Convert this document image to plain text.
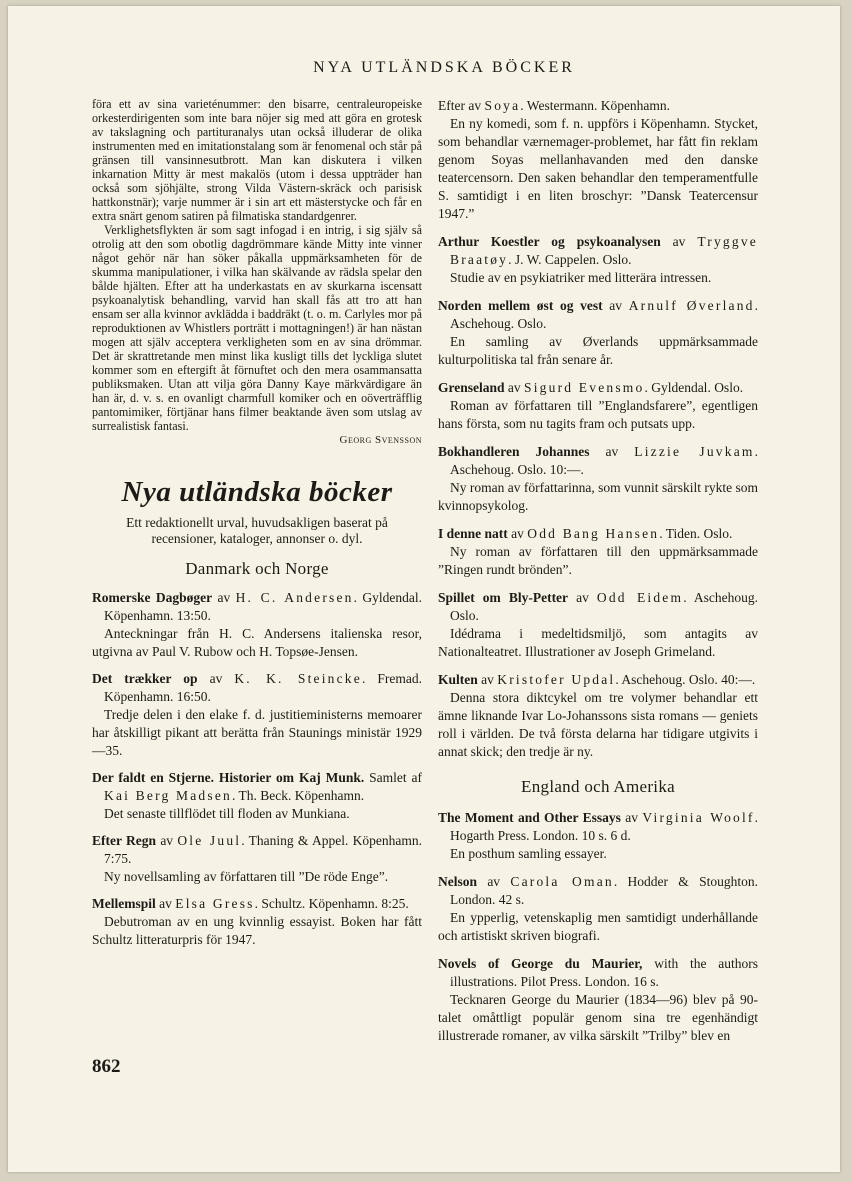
NYA UTLÄNDSKA BÖCKER

föra ett av sina varieténummer: den bisarre, centraleuropeiske orkesterdirigenten som inte bara nöjer sig med att göra en grotesk av takslagning och partituranalys utan också illuderar de olika instrumenten med en imitationstalang som är fenomenal och står på gränsen till vansinnesutbrott. Man kan diskutera i vilken inkarnation Mitty är mest makalös (utom i dessa uppträder han också som sjöhjälte, strong Vilda Västern-skräck och parisisk hattkonstnär); varje nummer är i sin art ett mästerstycke och får en extra snärt genom satiren på filmatiska standardgenrer.

Verklighetsflykten är som sagt infogad i en intrig, i sig själv så otrolig att den som obotlig dagdrömmare kände Mitty inte vinner något gehör när han söker påkalla uppmärksamheten för de skumma manipulationer, i vilka han skälvande av rädsla spelar den bålde hjälten. Efter att ha underkastats en av skurkarna iscensatt psykoanalytisk behandling, varvid han skall fås att tro att han ensam ser alla kvinnor avklädda i baddräkt (t. o. m. Carlyles mor på reproduktionen av Whistlers porträtt i mottagningen!) är han nästan mogen att själv acceptera verkligheten som en av sina drömmar. Det är skrattretande men minst lika kusligt tills det lyckliga slutet kommer som en eftergift åt förnuftet och den mera osammansatta publiksmaken. Utan att vilja göra Danny Kaye märkvärdigare än han är, d. v. s. en ovanligt charmfull komiker och en oöverträfflig pantomimiker, förtjänar hans filmer beaktande även som utslag av surrealistisk fantasi.

Georg Svensson
Nya utländska böcker
Ett redaktionellt urval, huvudsakligen baserat på recensioner, kataloger, annonser o. dyl.
Danmark och Norge
Romerske Dagbøger av H. C. Andersen. Gyldendal. Köpenhamn. 13:50.

Anteckningar från H. C. Andersens italienska resor, utgivna av Paul V. Rubow och H. Topsøe-Jensen.

Det trækker op av K. K. Steincke. Fremad. Köpenhamn. 16:50.

Tredje delen i den elake f. d. justitieministerns memoarer har åtskilligt pikant att berätta från Staunings ministär 1929—35.

Der faldt en Stjerne. Historier om Kaj Munk. Samlet af Kai Berg Madsen. Th. Beck. Köpenhamn.

Det senaste tillflödet till floden av Munkiana.

Efter Regn av Ole Juul. Thaning & Appel. Köpenhamn. 7:75.

Ny novellsamling av författaren till ”De röde Enge”.

Mellemspil av Elsa Gress. Schultz. Köpenhamn. 8:25.

Debutroman av en ung kvinnlig essayist. Boken har fått Schultz litteraturpris för 1947.

Efter av Soya. Westermann. Köpenhamn.

En ny komedi, som f. n. uppförs i Köpenhamn. Stycket, som behandlar værnemager-problemet, har fått fin reklam genom Soyas mellanhavanden med den danske teatercensorn. Den saken behandlar den temperamentfulle S. samtidigt i en liten broschyr: ”Dansk Teatercensur 1947.”

Arthur Koestler og psykoanalysen av Tryggve Braatøy. J. W. Cappelen. Oslo.

Studie av en psykiatriker med litterära intressen.

Norden mellem øst og vest av Arnulf Øverland. Aschehoug. Oslo.

En samling av Øverlands uppmärksammade kulturpolitiska tal från senare år.

Grenseland av Sigurd Evensmo. Gyldendal. Oslo.

Roman av författaren till ”Englandsfarere”, egentligen hans första, som nu tagits fram och putsats upp.

Bokhandleren Johannes av Lizzie Juvkam. Aschehoug. Oslo. 10:—.

Ny roman av författarinna, som vunnit särskilt rykte som kvinnopsykolog.

I denne natt av Odd Bang Hansen. Tiden. Oslo.

Ny roman av författaren till den uppmärksammade ”Ringen rundt brönden”.

Spillet om Bly-Petter av Odd Eidem. Aschehoug. Oslo.

Idédrama i medeltidsmiljö, som antagits av Nationalteatret. Illustrationer av Joseph Grimeland.

Kulten av Kristofer Updal. Aschehoug. Oslo. 40:—.

Denna stora diktcykel om tre volymer behandlar ett ämne liknande Ivar Lo-Johanssons sista romans — geniets roll i världen. De två första delarna har tidigare utgivits i annat skick; den tredje är ny.

England och Amerika
The Moment and Other Essays av Virginia Woolf. Hogarth Press. London. 10 s. 6 d.

En posthum samling essayer.

Nelson av Carola Oman. Hodder & Stoughton. London. 42 s.

En ypperlig, vetenskaplig men samtidigt underhållande och artistiskt skriven biografi.

Novels of George du Maurier, with the authors illustrations. Pilot Press. London. 16 s.

Tecknaren George du Maurier (1834—96) blev på 90-talet omåttligt populär genom sina tre egenhändigt illustrerade romaner, av vilka särskilt ”Trilby” blev en

862
